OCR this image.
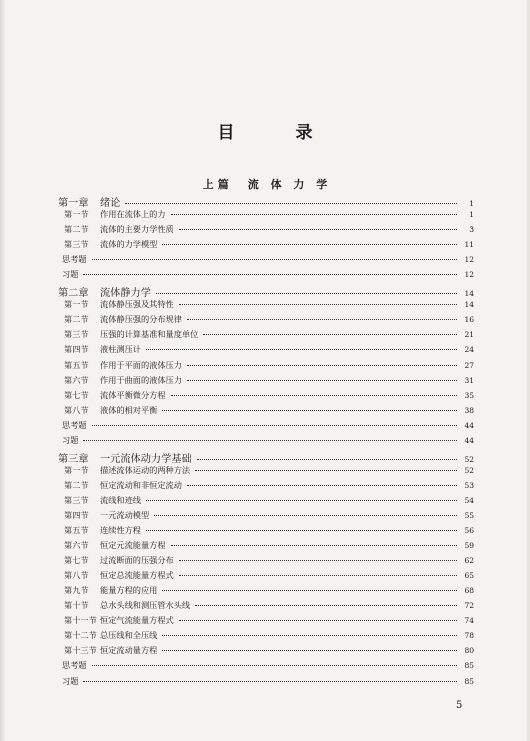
目　录
上篇　流 体 力 学
第一章	绪论	1
第一节	作用在流体上的力	1
第二节	流体的主要力学性质	3
第三节	流体的力学模型	11
思考题	12
习题	12
第二章	流体静力学	14
第一节	流体静压强及其特性	14
第二节	流体静压强的分布规律	16
第三节	压强的计算基准和量度单位	21
第四节	液柱测压计	24
第五节	作用于平面的液体压力	27
第六节	作用于曲面的液体压力	31
第七节	流体平衡微分方程	35
第八节	液体的相对平衡	38
思考题	44
习题	44
第三章	一元流体动力学基础	52
第一节	描述流体运动的两种方法	52
第二节	恒定流动和非恒定流动	53
第三节	流线和迹线	54
第四节	一元流动模型	55
第五节	连续性方程	56
第六节	恒定元流能量方程	59
第七节	过流断面的压强分布	62
第八节	恒定总流能量方程式	65
第九节	能量方程的应用	68
第十节	总水头线和测压管水头线	72
第十一节 恒定气流能量方程式	74
第十二节 总压线和全压线	78
第十三节 恒定流动量方程	80
思考题	85
习题	85
5
